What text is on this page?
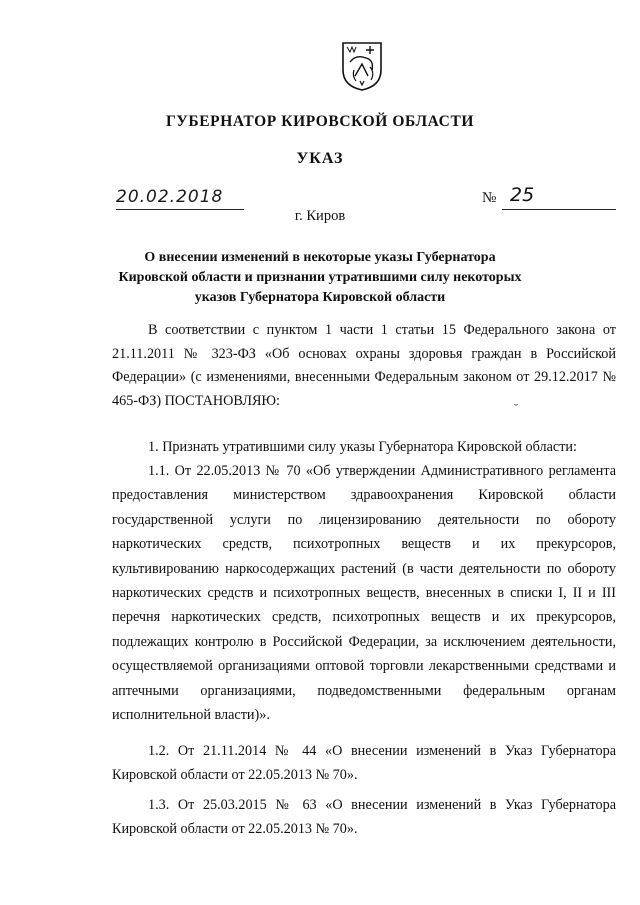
ГУБЕРНАТОР КИРОВСКОЙ ОБЛАСТИ
УКАЗ
20.02.2018	№ 25
г. Киров
О внесении изменений в некоторые указы Губернатора Кировской области и признании утратившими силу некоторых указов Губернатора Кировской области
В соответствии с пунктом 1 части 1 статьи 15 Федерального закона от 21.11.2011 № 323-ФЗ «Об основах охраны здоровья граждан в Российской Федерации» (с изменениями, внесенными Федеральным законом от 29.12.2017 № 465-ФЗ) ПОСТАНОВЛЯЮ:	˘
1. Признать утратившими силу указы Губернатора Кировской области:
1.1. От 22.05.2013 № 70 «Об утверждении Административного регламента предоставления министерством здравоохранения Кировской области государственной услуги по лицензированию деятельности по обороту наркотических средств, психотропных веществ и их прекурсоров, культивированию наркосодержащих растений (в части деятельности по обороту наркотических средств и психотропных веществ, внесенных в списки I, II и III перечня наркотических средств, психотропных веществ и их прекурсоров, подлежащих контролю в Российской Федерации, за исключением деятельности, осуществляемой организациями оптовой торговли лекарственными средствами и аптечными организациями, подведомственными федеральным органам исполнительной власти)».
1.2. От 21.11.2014 № 44 «О внесении изменений в Указ Губернатора Кировской области от 22.05.2013 № 70».
1.3. От 25.03.2015 № 63 «О внесении изменений в Указ Губернатора Кировской области от 22.05.2013 № 70».
